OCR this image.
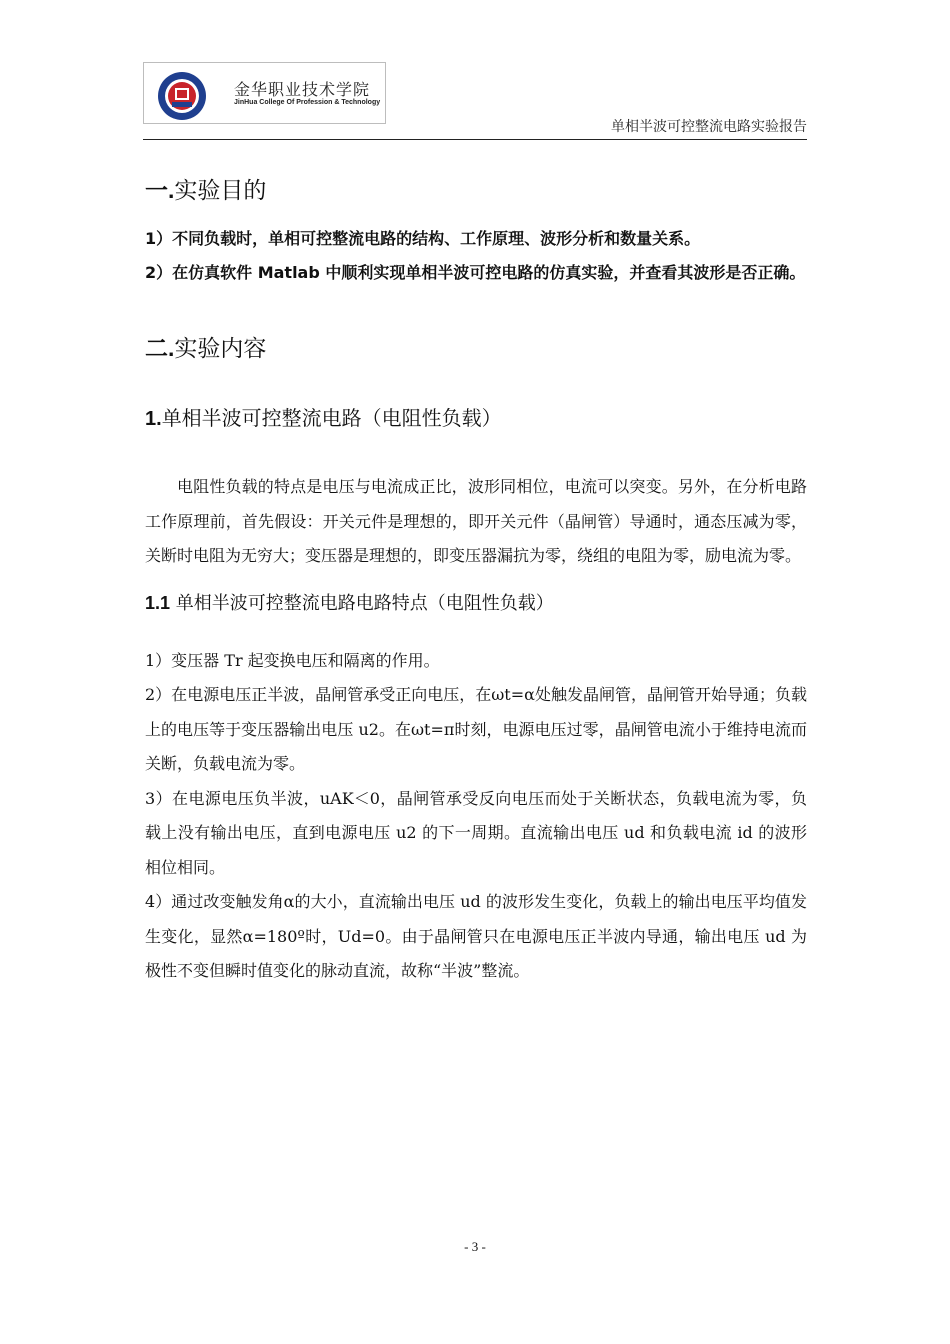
金华职业技术学院
JinHua College Of Profession & Technology
单相半波可控整流电路实验报告
一.实验目的

1）不同负载时，单相可控整流电路的结构、工作原理、波形分析和数量关系。

2）在仿真软件 Matlab 中顺利实现单相半波可控电路的仿真实验，并查看其波形是否正确。

二.实验内容
1.单相半波可控整流电路（电阻性负载）

电阻性负载的特点是电压与电流成正比，波形同相位，电流可以突变。另外，在分析电路工作原理前，首先假设：开关元件是理想的，即开关元件（晶闸管）导通时，通态压减为零，关断时电阻为无穷大；变压器是理想的，即变压器漏抗为零，绕组的电阻为零，励电流为零。

1.1 单相半波可控整流电路电路特点（电阻性负载）

1）变压器 Tr 起变换电压和隔离的作用。

2）在电源电压正半波，晶闸管承受正向电压，在ωt=α处触发晶闸管，晶闸管开始导通；负载上的电压等于变压器输出电压 u2。在ωt=π时刻，电源电压过零，晶闸管电流小于维持电流而关断，负载电流为零。

3）在电源电压负半波，uAK＜0，晶闸管承受反向电压而处于关断状态，负载电流为零，负载上没有输出电压，直到电源电压 u2 的下一周期。直流输出电压 ud 和负载电流 id 的波形相位相同。

4）通过改变触发角α的大小，直流输出电压 ud 的波形发生变化，负载上的输出电压平均值发生变化，显然α=180º时，Ud=0。由于晶闸管只在电源电压正半波内导通，输出电压 ud 为极性不变但瞬时值变化的脉动直流，故称“半波”整流。

- 3 -
